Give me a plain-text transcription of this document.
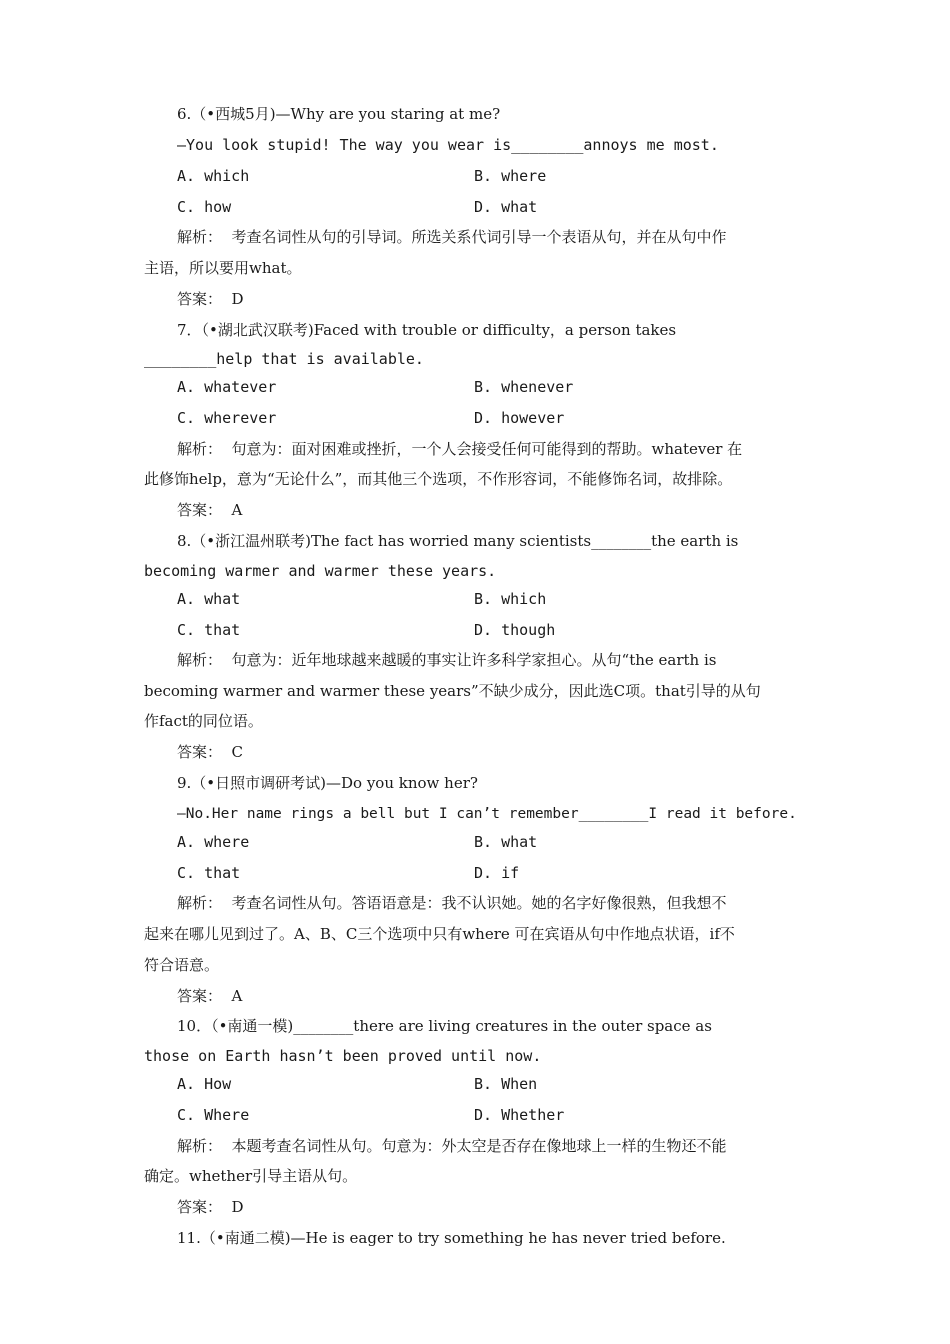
6.（•西城5月)—Why are you staring at me?
—You look stupid! The way you wear is________annoys me most.
A. which	B. where
C. how	D. what
解析：  考查名词性从句的引导词。所选关系代词引导一个表语从句，并在从句中作
主语，所以要用what。
答案：  D
7．（•湖北武汉联考)Faced with trouble or difficulty，a person takes
________help that is available.
A. whatever	B. whenever
C. wherever	D. however
解析：  句意为：面对困难或挫折，一个人会接受任何可能得到的帮助。whatever 在
此修饰help，意为“无论什么”，而其他三个选项，不作形容词，不能修饰名词，故排除。
答案：  A
8.（•浙江温州联考)The fact has worried many scientists________the earth is
becoming warmer and warmer these years.
A. what	B. which
C. that	D. though
解析：  句意为：近年地球越来越暖的事实让许多科学家担心。从句“the earth is
becoming warmer and warmer these years”不缺少成分，因此选C项。that引导的从句
作fact的同位语。
答案：  C
9.（•日照市调研考试)—Do you know her?
—No.Her name rings a bell but I can’t remember________I read it before.
A. where	B. what
C. that	D. if
解析：  考查名词性从句。答语语意是：我不认识她。她的名字好像很熟，但我想不
起来在哪儿见到过了。A、B、C三个选项中只有where 可在宾语从句中作地点状语，if不
符合语意。
答案：  A
10．（•南通一模)________there are living creatures in the outer space as
those on Earth hasn’t been proved until now.
A. How	B. When
C. Where	D. Whether
解析：  本题考查名词性从句。句意为：外太空是否存在像地球上一样的生物还不能
确定。whether引导主语从句。
答案：  D
11.（•南通二模)—He is eager to try something he has never tried before.
